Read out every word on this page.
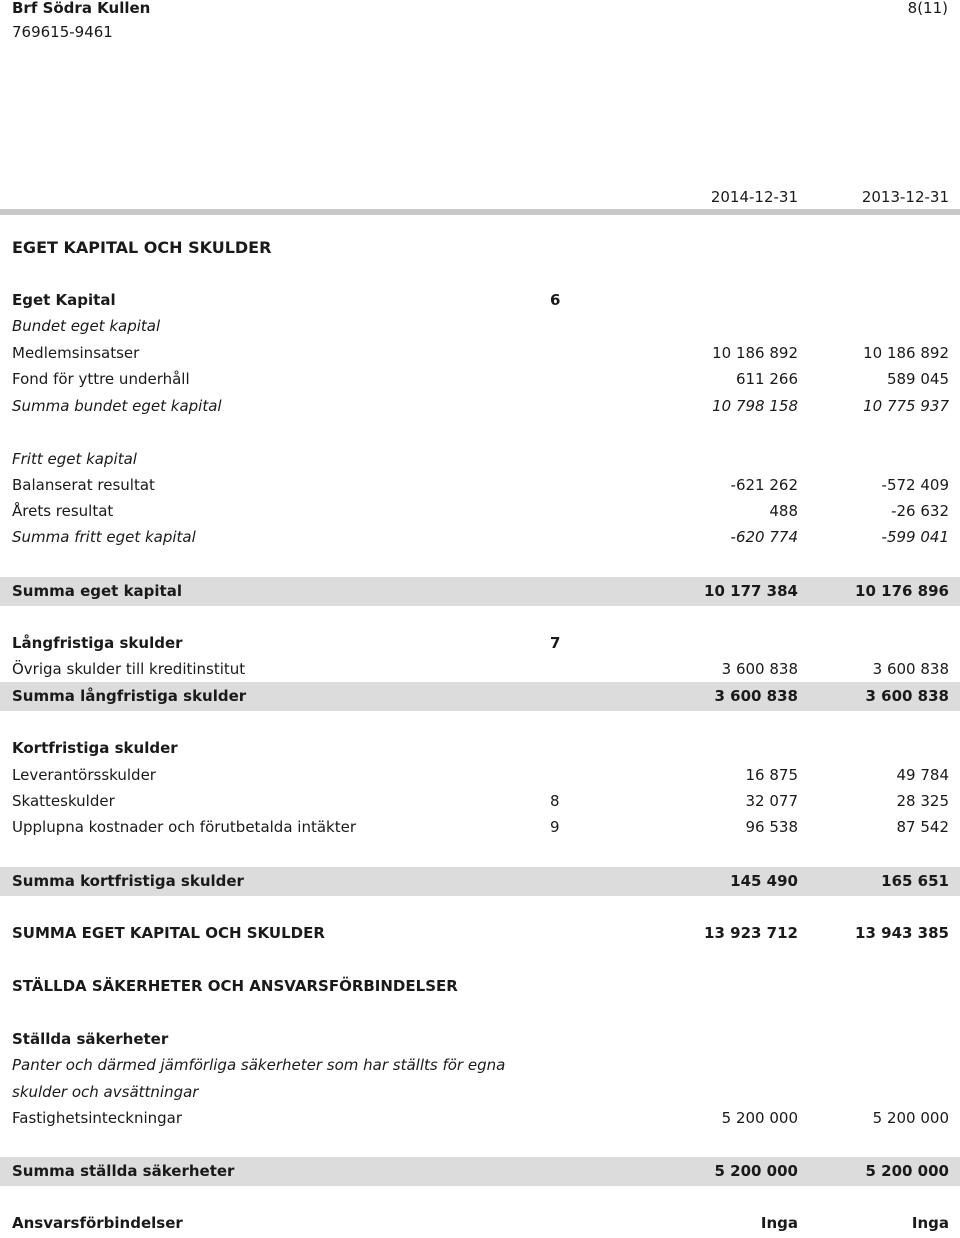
Brf Södra Kullen
769615-9461
8(11)
2014-12-31	2013-12-31
EGET KAPITAL OCH SKULDER
Eget Kapital	6
Bundet eget kapital
Medlemsinsatser	10 186 892	10 186 892
Fond för yttre underhåll	611 266	589 045
Summa bundet eget kapital	10 798 158	10 775 937
Fritt eget kapital
Balanserat resultat	-621 262	-572 409
Årets resultat	488	-26 632
Summa fritt eget kapital	-620 774	-599 041
Summa eget kapital	10 177 384	10 176 896
Långfristiga skulder	7
Övriga skulder till kreditinstitut	3 600 838	3 600 838
Summa långfristiga skulder	3 600 838	3 600 838
Kortfristiga skulder
Leverantörsskulder	16 875	49 784
Skatteskulder	8	32 077	28 325
Upplupna kostnader och förutbetalda intäkter	9	96 538	87 542
Summa kortfristiga skulder	145 490	165 651
SUMMA EGET KAPITAL OCH SKULDER	13 923 712	13 943 385
STÄLLDA SÄKERHETER OCH ANSVARSFÖRBINDELSER
Ställda säkerheter
Panter och därmed jämförliga säkerheter som har ställts för egna
skulder och avsättningar
Fastighetsinteckningar	5 200 000	5 200 000
Summa ställda säkerheter	5 200 000	5 200 000
Ansvarsförbindelser	Inga	Inga
